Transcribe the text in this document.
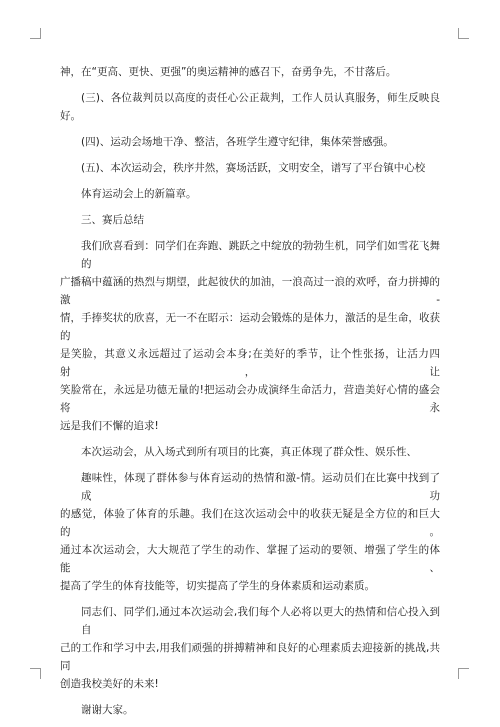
神，在“更高、更快、更强”的奥运精神的感召下，奋勇争先，不甘落后。

(三)、各位裁判员以高度的责任心公正裁判，工作人员认真服务，师生反映良好。

(四)、运动会场地干净、整洁，各班学生遵守纪律，集体荣誉感强。

(五)、本次运动会，秩序井然，赛场活跃，文明安全，谱写了平台镇中心校

体育运动会上的新篇章。

三、赛后总结

我们欣喜看到：同学们在奔跑、跳跃之中绽放的勃勃生机，同学们如雪花飞舞的
广播稿中蕴涵的热烈与期望，此起彼伏的加油，一浪高过一浪的欢呼，奋力拼搏的激-
情，手捧奖状的欣喜，无一不在昭示：运动会锻炼的是体力，激活的是生命，收获的
是笑脸，其意义永远超过了运动会本身;在美好的季节，让个性张扬，让活力四射，让
笑脸常在，永远是功德无量的!把运动会办成演绎生命活力，营造美好心情的盛会将永
远是我们不懈的追求!

本次运动会，从入场式到所有项目的比赛，真正体现了群众性、娱乐性、

趣味性，体现了群体参与体育运动的热情和激-情。运动员们在比赛中找到了成功
的感觉，体验了体育的乐趣。我们在这次运动会中的收获无疑是全方位的和巨大的。
通过本次运动会，大大规范了学生的动作、掌握了运动的要领、增强了学生的体能、
提高了学生的体育技能等，切实提高了学生的身体素质和运动素质。
同志们、同学们,通过本次运动会,我们每个人必将以更大的热情和信心投入到自
己的工作和学习中去,用我们顽强的拼搏精神和良好的心理素质去迎接新的挑战,共同
创造我校美好的未来!

谢谢大家。
